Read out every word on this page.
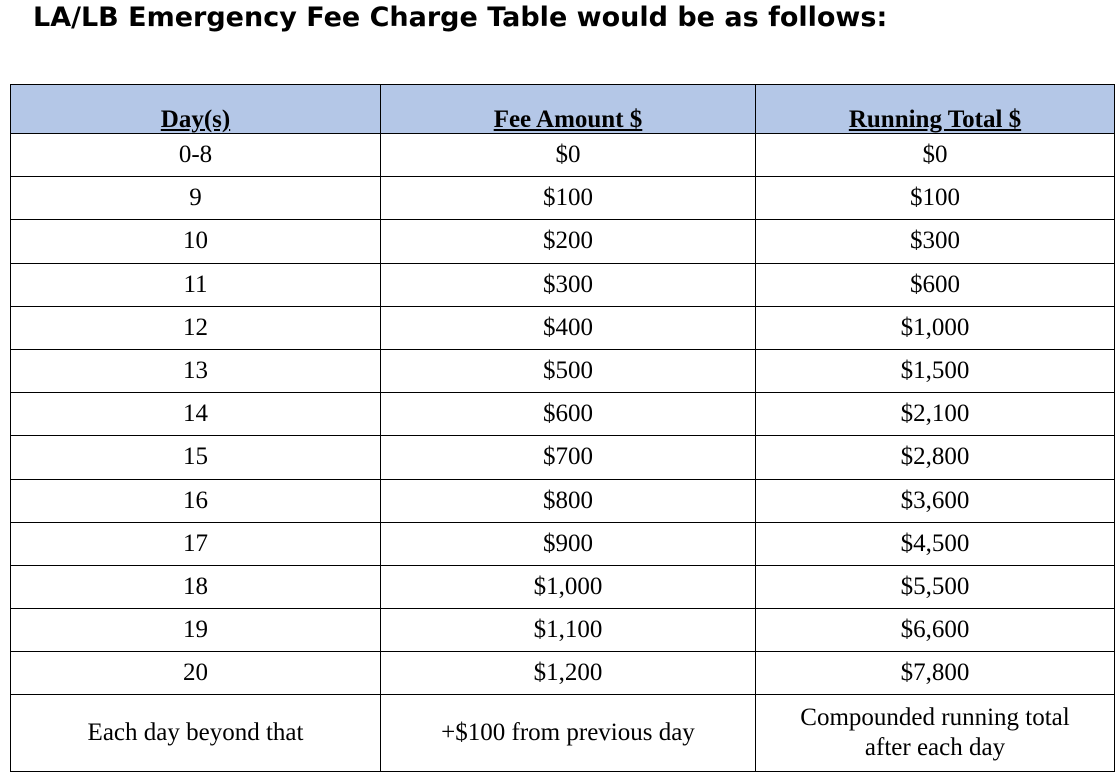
LA/LB Emergency Fee Charge Table would be as follows:
Day(s)	Fee Amount $	Running Total $
0-8	$0	$0
9	$100	$100
10	$200	$300
11	$300	$600
12	$400	$1,000
13	$500	$1,500
14	$600	$2,100
15	$700	$2,800
16	$800	$3,600
17	$900	$4,500
18	$1,000	$5,500
19	$1,100	$6,600
20	$1,200	$7,800
Each day beyond that	+$100 from previous day	Compounded running total after each day
